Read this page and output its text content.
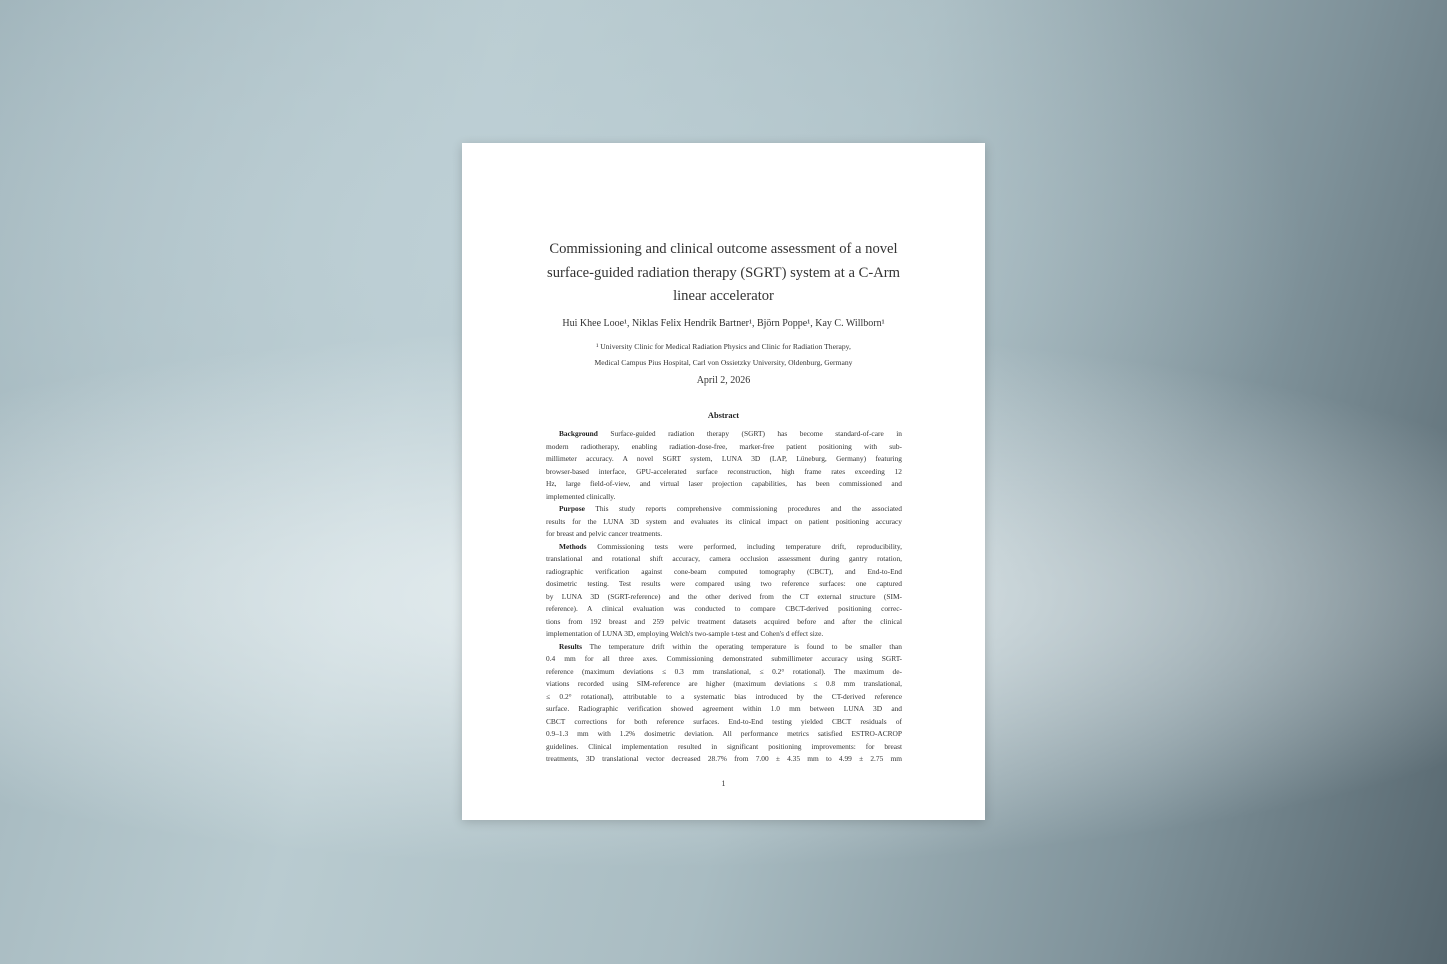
Commissioning and clinical outcome assessment of a novel
surface-guided radiation therapy (SGRT) system at a C-Arm
linear accelerator
Hui Khee Looe¹, Niklas Felix Hendrik Bartner¹, Björn Poppe¹, Kay C. Willborn¹
¹ University Clinic for Medical Radiation Physics and Clinic for Radiation Therapy,
Medical Campus Pius Hospital, Carl von Ossietzky University, Oldenburg, Germany
April 2, 2026
Abstract
Background Surface-guided radiation therapy (SGRT) has become standard-of-care in
modern radiotherapy, enabling radiation-dose-free, marker-free patient positioning with sub-
millimeter accuracy. A novel SGRT system, LUNA 3D (LAP, Lüneburg, Germany) featuring
browser-based interface, GPU-accelerated surface reconstruction, high frame rates exceeding 12
Hz, large field-of-view, and virtual laser projection capabilities, has been commissioned and
implemented clinically.
Purpose This study reports comprehensive commissioning procedures and the associated
results for the LUNA 3D system and evaluates its clinical impact on patient positioning accuracy
for breast and pelvic cancer treatments.
Methods Commissioning tests were performed, including temperature drift, reproducibility,
translational and rotational shift accuracy, camera occlusion assessment during gantry rotation,
radiographic verification against cone-beam computed tomography (CBCT), and End-to-End
dosimetric testing. Test results were compared using two reference surfaces: one captured
by LUNA 3D (SGRT-reference) and the other derived from the CT external structure (SIM-
reference). A clinical evaluation was conducted to compare CBCT-derived positioning correc-
tions from 192 breast and 259 pelvic treatment datasets acquired before and after the clinical
implementation of LUNA 3D, employing Welch's two-sample t-test and Cohen's d effect size.
Results The temperature drift within the operating temperature is found to be smaller than
0.4 mm for all three axes. Commissioning demonstrated submillimeter accuracy using SGRT-
reference (maximum deviations ≤ 0.3 mm translational, ≤ 0.2° rotational). The maximum de-
viations recorded using SIM-reference are higher (maximum deviations ≤ 0.8 mm translational,
≤ 0.2° rotational), attributable to a systematic bias introduced by the CT-derived reference
surface. Radiographic verification showed agreement within 1.0 mm between LUNA 3D and
CBCT corrections for both reference surfaces. End-to-End testing yielded CBCT residuals of
0.9–1.3 mm with 1.2% dosimetric deviation. All performance metrics satisfied ESTRO-ACROP
guidelines. Clinical implementation resulted in significant positioning improvements: for breast
treatments, 3D translational vector decreased 28.7% from 7.00 ± 4.35 mm to 4.99 ± 2.75 mm
1
